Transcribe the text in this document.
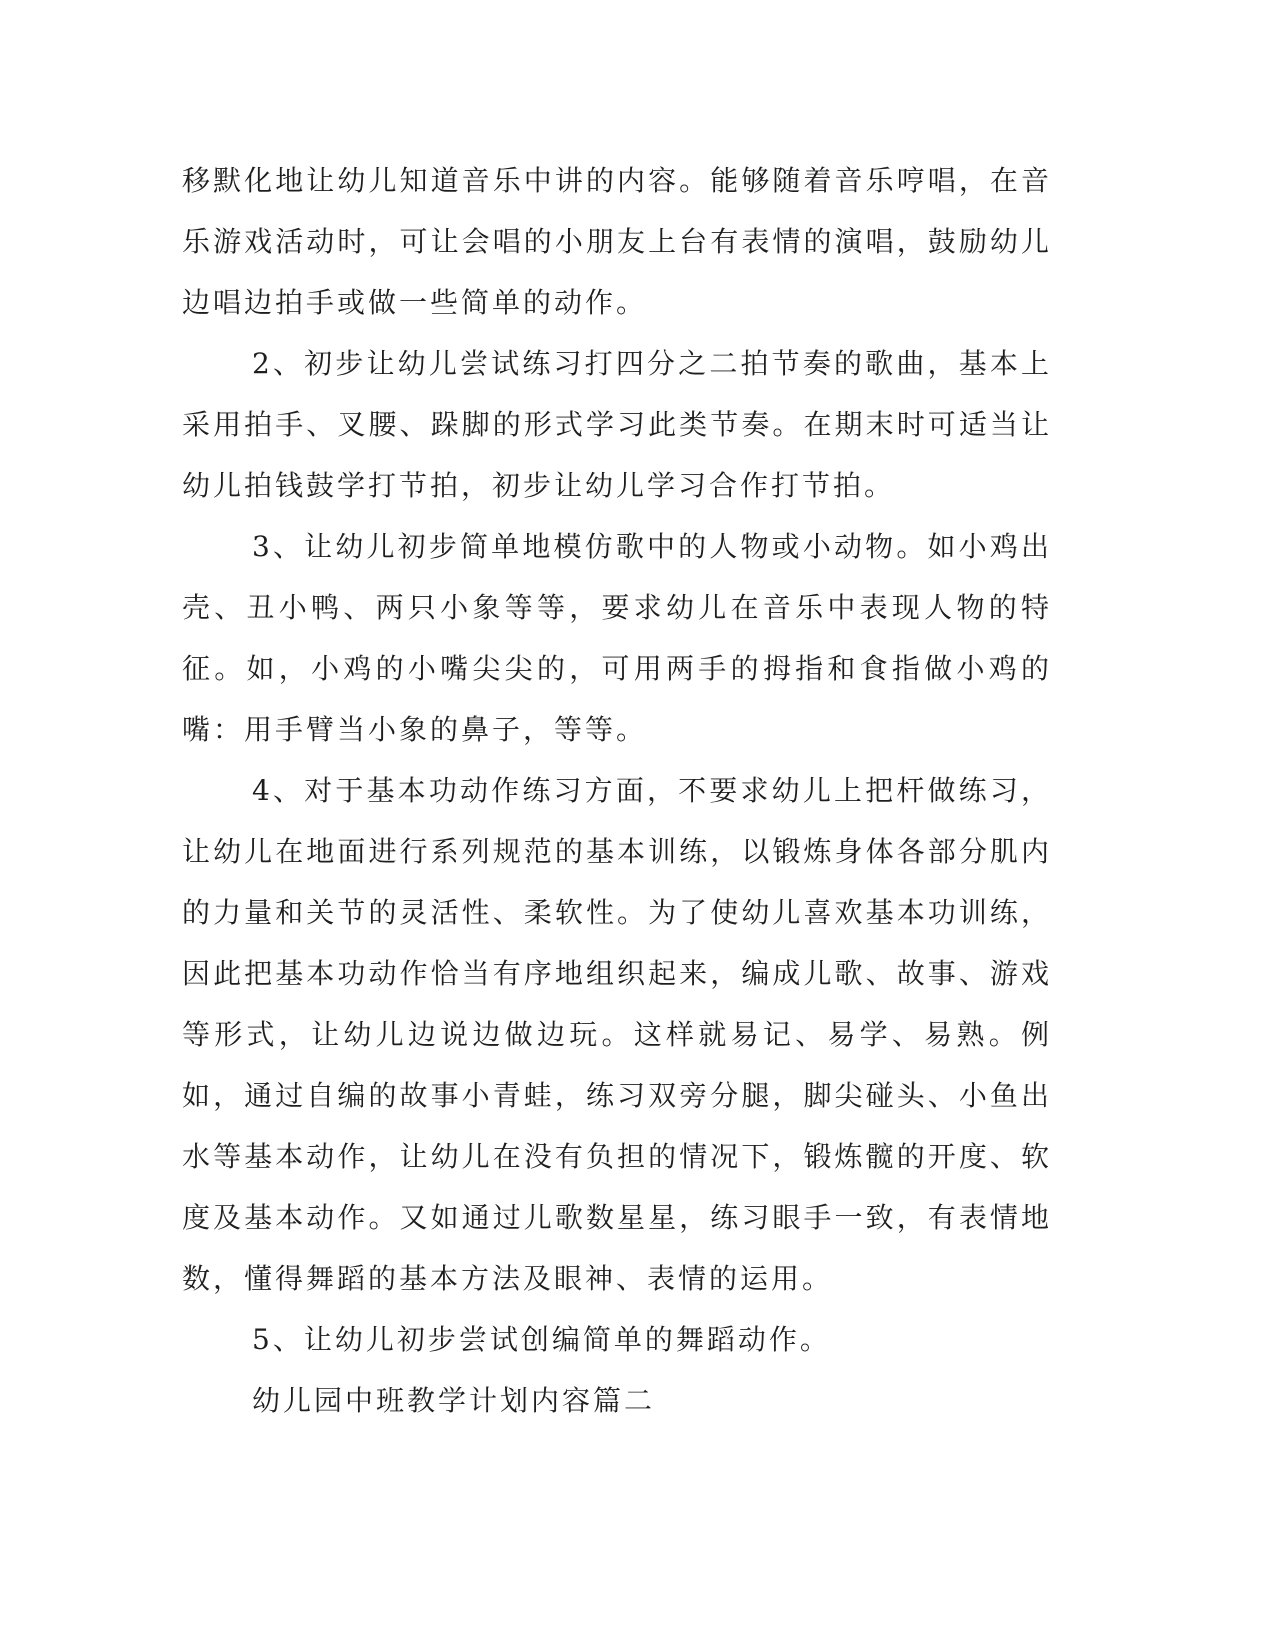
移默化地让幼儿知道音乐中讲的内容。能够随着音乐哼唱，在音乐游戏活动时，可让会唱的小朋友上台有表情的演唱，鼓励幼儿边唱边拍手或做一些简单的动作。

2、初步让幼儿尝试练习打四分之二拍节奏的歌曲，基本上采用拍手、叉腰、跺脚的形式学习此类节奏。在期末时可适当让幼儿拍钱鼓学打节拍，初步让幼儿学习合作打节拍。

3、让幼儿初步简单地模仿歌中的人物或小动物。如小鸡出壳、丑小鸭、两只小象等等，要求幼儿在音乐中表现人物的特征。如，小鸡的小嘴尖尖的，可用两手的拇指和食指做小鸡的嘴：用手臂当小象的鼻子，等等。

4、对于基本功动作练习方面，不要求幼儿上把杆做练习，让幼儿在地面进行系列规范的基本训练，以锻炼身体各部分肌内的力量和关节的灵活性、柔软性。为了使幼儿喜欢基本功训练，因此把基本功动作恰当有序地组织起来，编成儿歌、故事、游戏等形式，让幼儿边说边做边玩。这样就易记、易学、易熟。例如，通过自编的故事小青蛙，练习双旁分腿，脚尖碰头、小鱼出水等基本动作，让幼儿在没有负担的情况下，锻炼髋的开度、软度及基本动作。又如通过儿歌数星星，练习眼手一致，有表情地数，懂得舞蹈的基本方法及眼神、表情的运用。

5、让幼儿初步尝试创编简单的舞蹈动作。

幼儿园中班教学计划内容篇二
